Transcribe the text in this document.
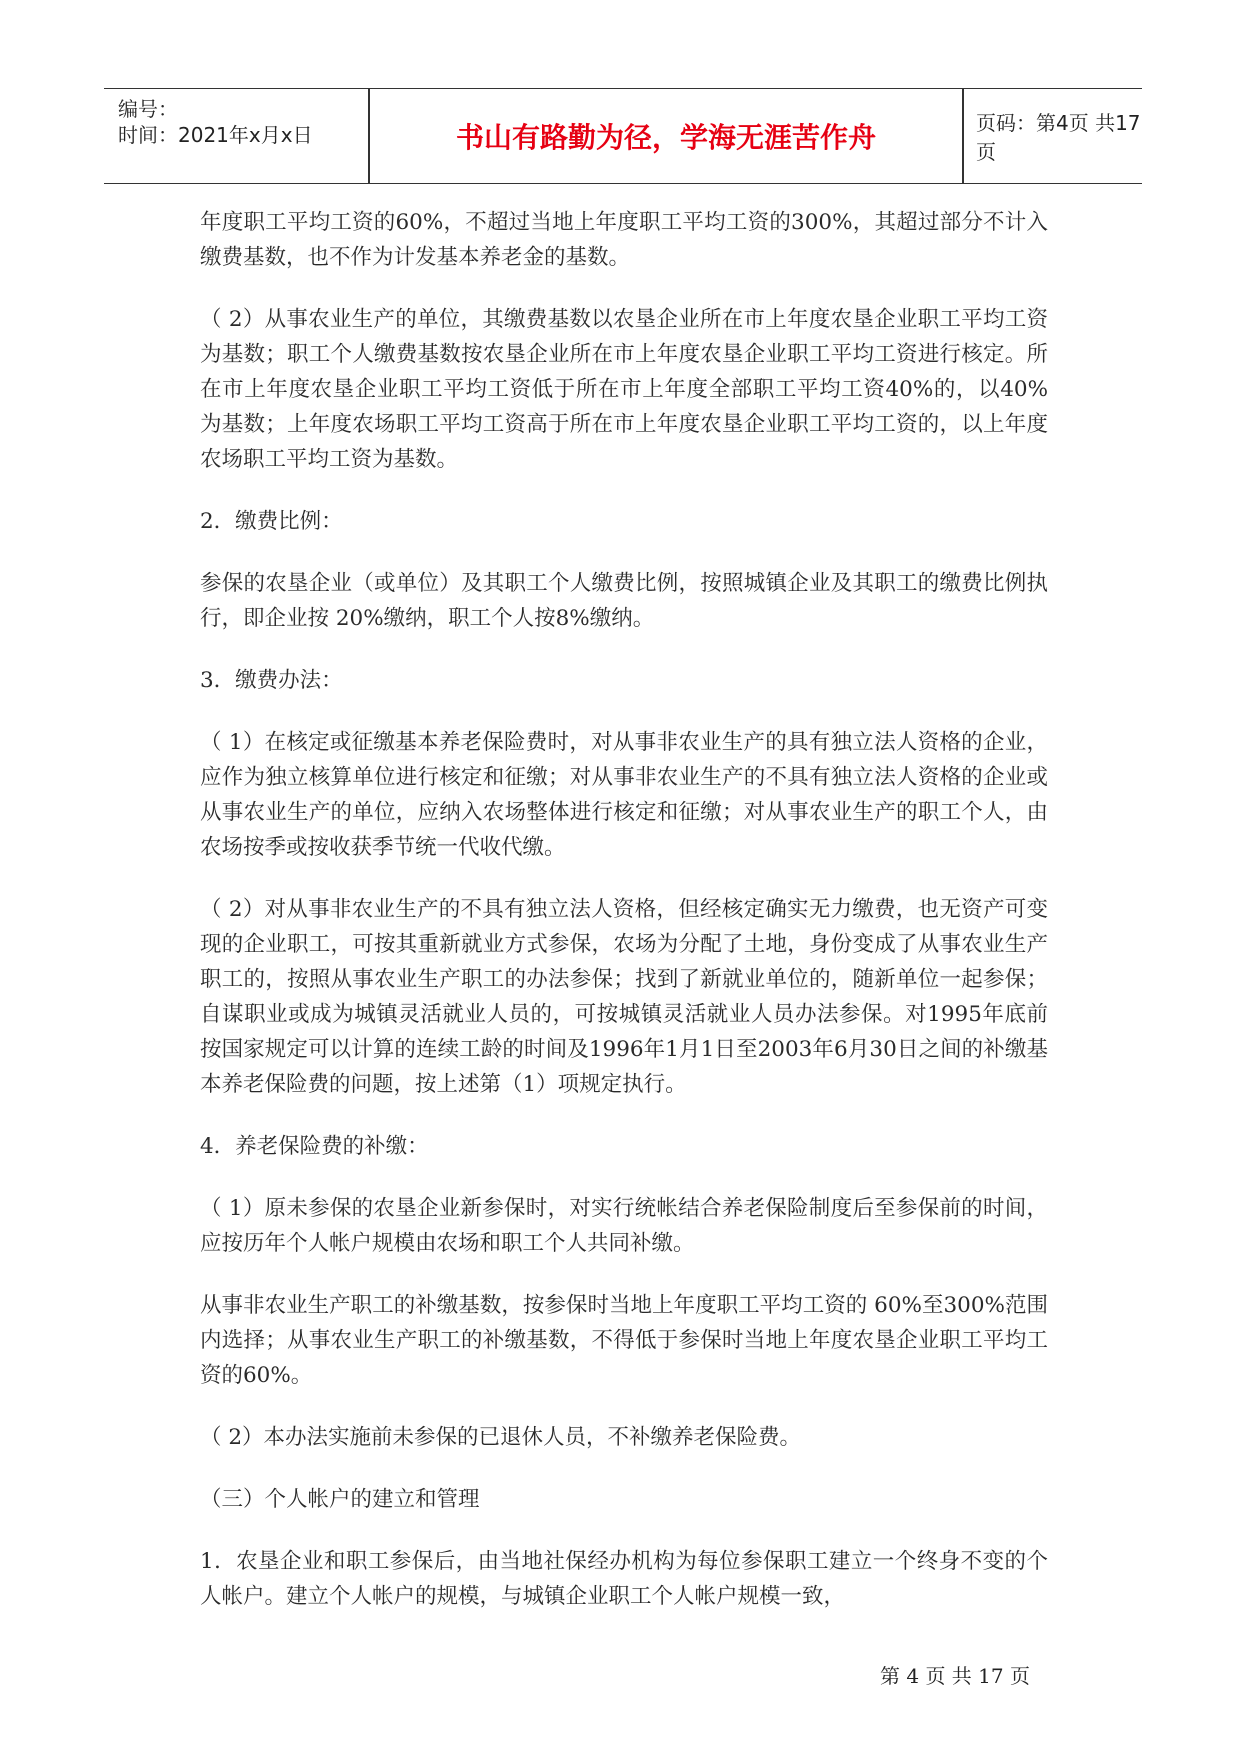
编号：
时间：2021年x月x日	书山有路勤为径，学海无涯苦作舟	页码：第4页 共17页

年度职工平均工资的60%，不超过当地上年度职工平均工资的300%，其超过部分不计入缴费基数，也不作为计发基本养老金的基数。

（ 2）从事农业生产的单位，其缴费基数以农垦企业所在市上年度农垦企业职工平均工资为基数；职工个人缴费基数按农垦企业所在市上年度农垦企业职工平均工资进行核定。所在市上年度农垦企业职工平均工资低于所在市上年度全部职工平均工资40%的，以40%为基数；上年度农场职工平均工资高于所在市上年度农垦企业职工平均工资的，以上年度农场职工平均工资为基数。

2．缴费比例：

参保的农垦企业（或单位）及其职工个人缴费比例，按照城镇企业及其职工的缴费比例执行，即企业按 20%缴纳，职工个人按8%缴纳。

3．缴费办法：

（ 1）在核定或征缴基本养老保险费时，对从事非农业生产的具有独立法人资格的企业，应作为独立核算单位进行核定和征缴；对从事非农业生产的不具有独立法人资格的企业或从事农业生产的单位，应纳入农场整体进行核定和征缴；对从事农业生产的职工个人，由农场按季或按收获季节统一代收代缴。

（ 2）对从事非农业生产的不具有独立法人资格，但经核定确实无力缴费，也无资产可变现的企业职工，可按其重新就业方式参保，农场为分配了土地，身份变成了从事农业生产职工的，按照从事农业生产职工的办法参保；找到了新就业单位的，随新单位一起参保；自谋职业或成为城镇灵活就业人员的，可按城镇灵活就业人员办法参保。对1995年底前按国家规定可以计算的连续工龄的时间及1996年1月1日至2003年6月30日之间的补缴基本养老保险费的问题，按上述第（1）项规定执行。

4．养老保险费的补缴：

（ 1）原未参保的农垦企业新参保时，对实行统帐结合养老保险制度后至参保前的时间，应按历年个人帐户规模由农场和职工个人共同补缴。

从事非农业生产职工的补缴基数，按参保时当地上年度职工平均工资的 60%至300%范围内选择；从事农业生产职工的补缴基数，不得低于参保时当地上年度农垦企业职工平均工资的60%。

（ 2）本办法实施前未参保的已退休人员，不补缴养老保险费。

（三）个人帐户的建立和管理

1．农垦企业和职工参保后，由当地社保经办机构为每位参保职工建立一个终身不变的个人帐户。建立个人帐户的规模，与城镇企业职工个人帐户规模一致，

第 4 页 共 17 页
